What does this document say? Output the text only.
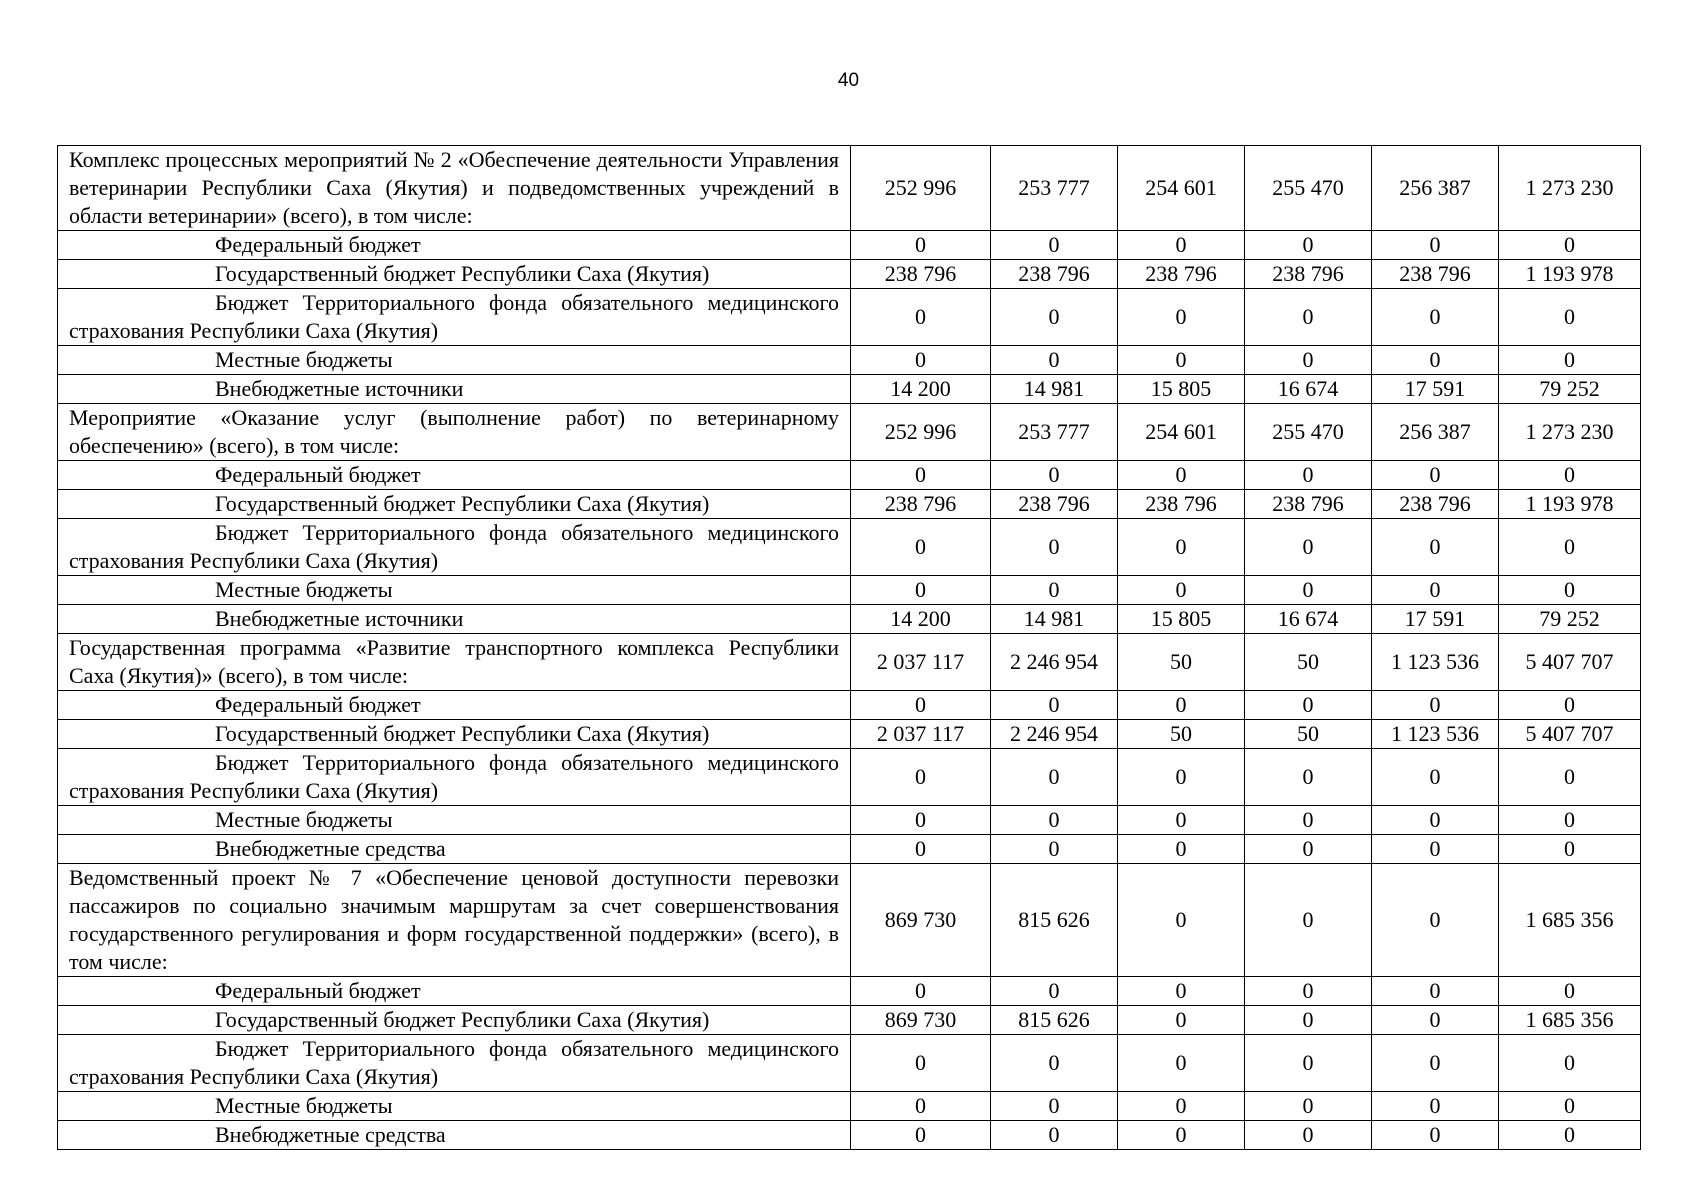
40
Комплекс процессных мероприятий № 2 «Обеспечение деятельности Управления ветеринарии Республики Саха (Якутия) и подведомственных учреждений в области ветеринарии» (всего), в том числе:	252 996	253 777	254 601	255 470	256 387	1 273 230
Федеральный бюджет	0	0	0	0	0	0
Государственный бюджет Республики Саха (Якутия)	238 796	238 796	238 796	238 796	238 796	1 193 978
Бюджет Территориального фонда обязательного медицинского страхования Республики Саха (Якутия)	0	0	0	0	0	0
Местные бюджеты	0	0	0	0	0	0
Внебюджетные источники	14 200	14 981	15 805	16 674	17 591	79 252
Мероприятие «Оказание услуг (выполнение работ) по ветеринарному обеспечению» (всего), в том числе:	252 996	253 777	254 601	255 470	256 387	1 273 230
Федеральный бюджет	0	0	0	0	0	0
Государственный бюджет Республики Саха (Якутия)	238 796	238 796	238 796	238 796	238 796	1 193 978
Бюджет Территориального фонда обязательного медицинского страхования Республики Саха (Якутия)	0	0	0	0	0	0
Местные бюджеты	0	0	0	0	0	0
Внебюджетные источники	14 200	14 981	15 805	16 674	17 591	79 252
Государственная программа «Развитие транспортного комплекса Республики Саха (Якутия)» (всего), в том числе:	2 037 117	2 246 954	50	50	1 123 536	5 407 707
Федеральный бюджет	0	0	0	0	0	0
Государственный бюджет Республики Саха (Якутия)	2 037 117	2 246 954	50	50	1 123 536	5 407 707
Бюджет Территориального фонда обязательного медицинского страхования Республики Саха (Якутия)	0	0	0	0	0	0
Местные бюджеты	0	0	0	0	0	0
Внебюджетные средства	0	0	0	0	0	0
Ведомственный проект № 7 «Обеспечение ценовой доступности перевозки пассажиров по социально значимым маршрутам за счет совершенствования государственного регулирования и форм государственной поддержки» (всего), в том числе:	869 730	815 626	0	0	0	1 685 356
Федеральный бюджет	0	0	0	0	0	0
Государственный бюджет Республики Саха (Якутия)	869 730	815 626	0	0	0	1 685 356
Бюджет Территориального фонда обязательного медицинского страхования Республики Саха (Якутия)	0	0	0	0	0	0
Местные бюджеты	0	0	0	0	0	0
Внебюджетные средства	0	0	0	0	0	0
